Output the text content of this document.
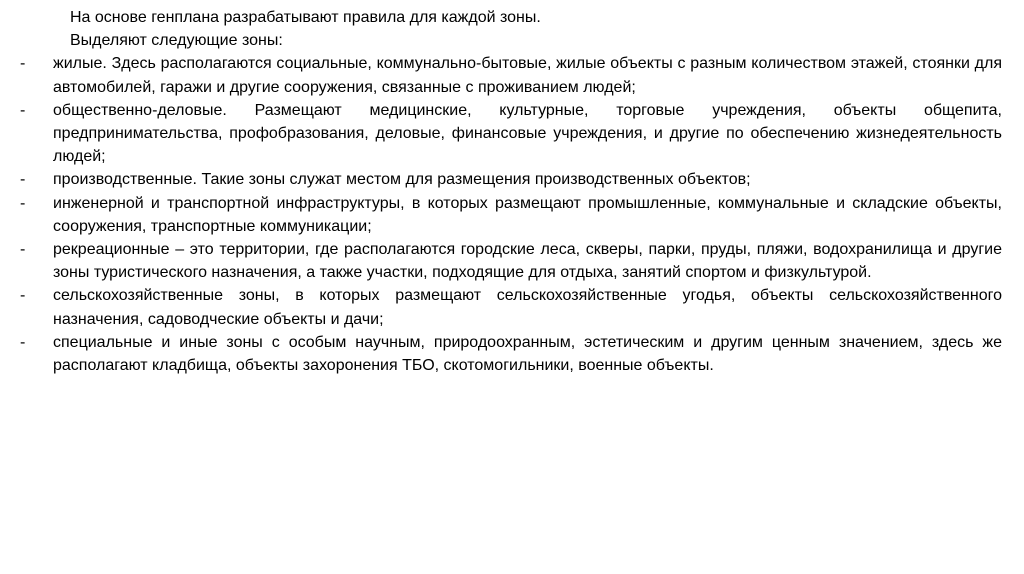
На основе генплана разрабатывают правила для каждой зоны.

Выделяют следующие зоны:

- жилые. Здесь располагаются социальные, коммунально-бытовые, жилые объекты с разным количеством этажей, стоянки для автомобилей, гаражи и другие сооружения, связанные с проживанием людей;
- общественно-деловые. Размещают медицинские, культурные, торговые учреждения, объекты общепита, предпринимательства, профобразования, деловые, финансовые учреждения, и другие по обеспечению жизнедеятельность людей;
- производственные. Такие зоны служат местом для размещения производственных объектов;
- инженерной и транспортной инфраструктуры, в которых размещают промышленные, коммунальные и складские объекты, сооружения, транспортные коммуникации;
- рекреационные – это территории, где располагаются городские леса, скверы, парки, пруды, пляжи, водохранилища и другие зоны туристического назначения, а также участки, подходящие для отдыха, занятий спортом и физкультурой.
- сельскохозяйственные зоны, в которых размещают сельскохозяйственные угодья, объекты сельскохозяйственного назначения, садоводческие объекты и дачи;
- специальные и иные зоны с особым научным, природоохранным, эстетическим и другим ценным значением, здесь же располагают кладбища, объекты захоронения ТБО, скотомогильники, военные объекты.
